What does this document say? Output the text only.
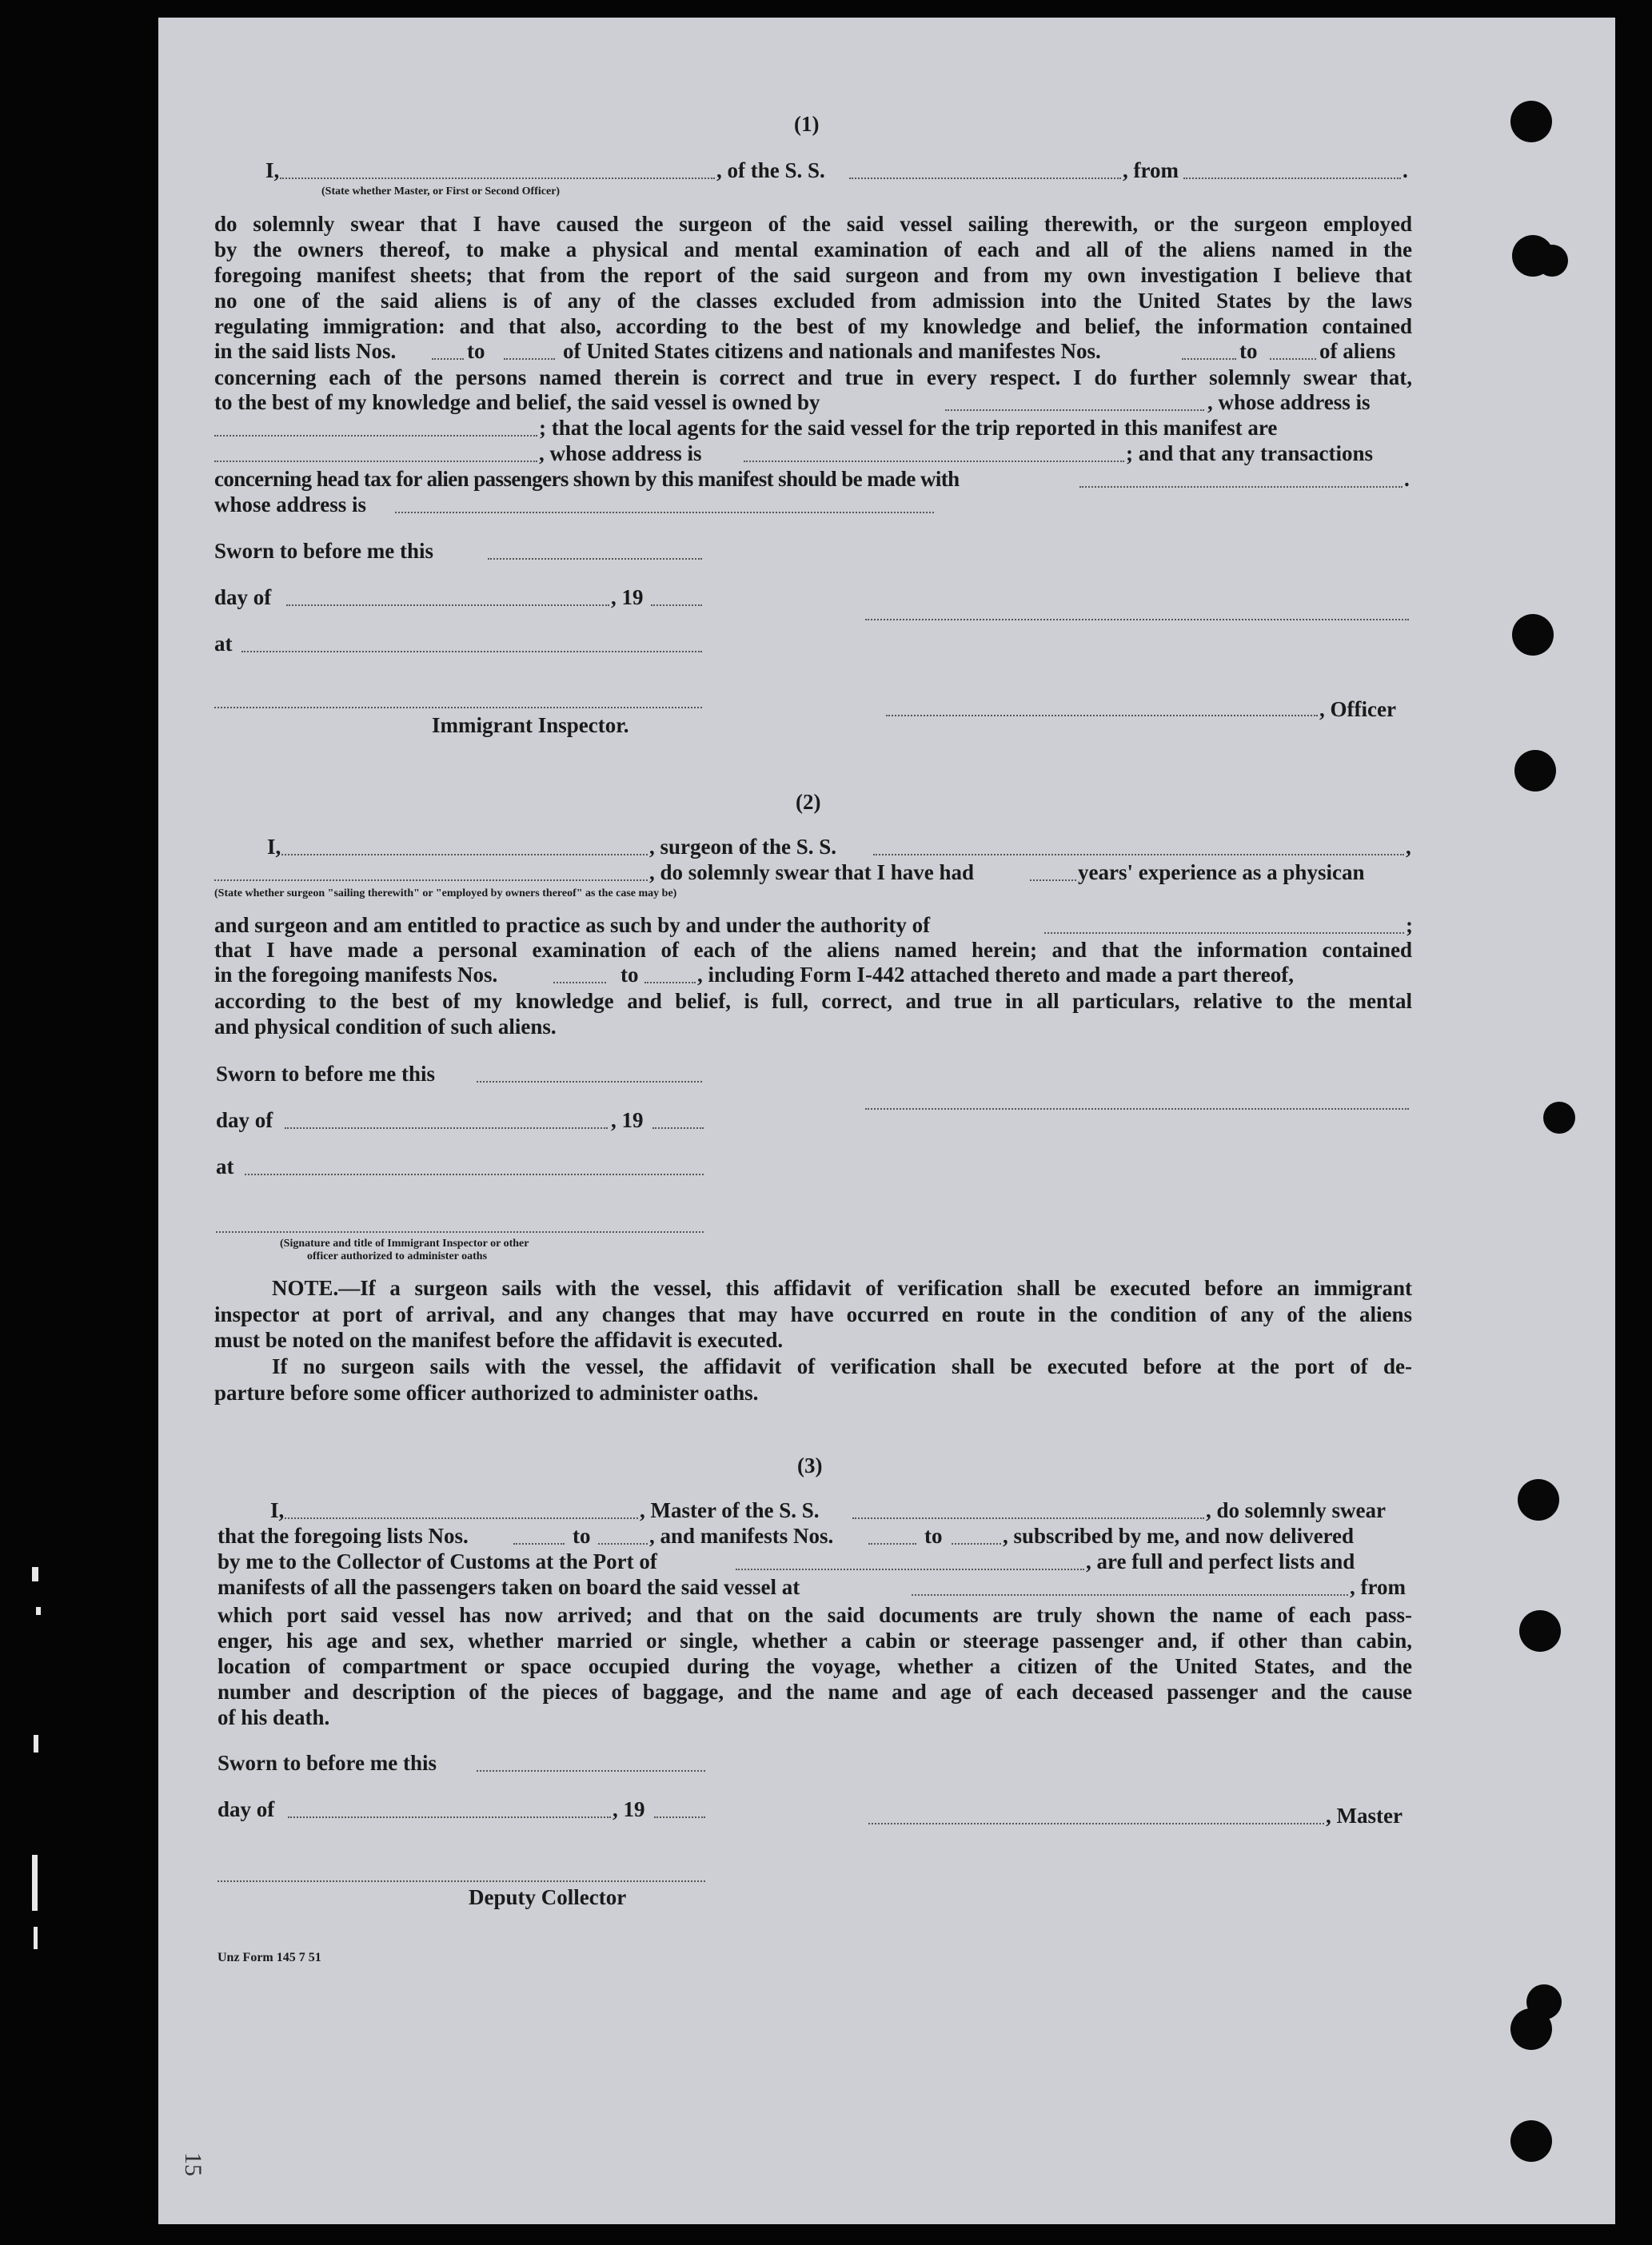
(1)
I,	, of the S. S.	, from	.
(State whether Master, or First or Second Officer)
do solemnly swear that I have caused the surgeon of the said vessel sailing therewith, or the surgeon employed
by the owners thereof, to make a physical and mental examination of each and all of the aliens named in the
foregoing manifest sheets; that from the report of the said surgeon and from my own investigation I believe that
no one of the said aliens is of any of the classes excluded from admission into the United States by the laws
regulating immigration: and that also, according to the best of my knowledge and belief, the information contained
in the said lists Nos.	to	of United States citizens and nationals and manifestes Nos.	to	of aliens
concerning each of the persons named therein is correct and true in every respect. I do further solemnly swear that,
to the best of my knowledge and belief, the said vessel is owned by	, whose address is
; that the local agents for the said vessel for the trip reported in this manifest are
, whose address is	; and that any transactions
concerning head tax for alien passengers shown by this manifest should be made with	.
whose address is
Sworn to before me this
day of	, 19
at
, Officer
Immigrant Inspector.
(2)
I,	, surgeon of the S. S.	,
, do solemnly swear that I have had	years' experience as a physican
(State whether surgeon "sailing therewith" or "employed by owners thereof" as the case may be)
and surgeon and am entitled to practice as such by and under the authority of	;
that I have made a personal examination of each of the aliens named herein; and that the information contained
in the foregoing manifests Nos.	to	, including Form I-442 attached thereto and made a part thereof,
according to the best of my knowledge and belief, is full, correct, and true in all particulars, relative to the mental
and physical condition of such aliens.
Sworn to before me this
day of	, 19
at
(Signature and title of Immigrant Inspector or other
officer authorized to administer oaths
NOTE.—If a surgeon sails with the vessel, this affidavit of verification shall be executed before an immigrant
inspector at port of arrival, and any changes that may have occurred en route in the condition of any of the aliens
must be noted on the manifest before the affidavit is executed.
If no surgeon sails with the vessel, the affidavit of verification shall be executed before at the port of de-
parture before some officer authorized to administer oaths.
(3)
I,	, Master of the S. S.	, do solemnly swear
that the foregoing lists Nos.	to	, and manifests Nos.	to	, subscribed by me, and now delivered
by me to the Collector of Customs at the Port of	, are full and perfect lists and
manifests of all the passengers taken on board the said vessel at	, from
which port said vessel has now arrived; and that on the said documents are truly shown the name of each pass-
enger, his age and sex, whether married or single, whether a cabin or steerage passenger and, if other than cabin,
location of compartment or space occupied during the voyage, whether a citizen of the United States, and the
number and description of the pieces of baggage, and the name and age of each deceased passenger and the cause
of his death.
Sworn to before me this
day of	, 19	, Master
Deputy Collector
Unz Form 145 7 51
15
